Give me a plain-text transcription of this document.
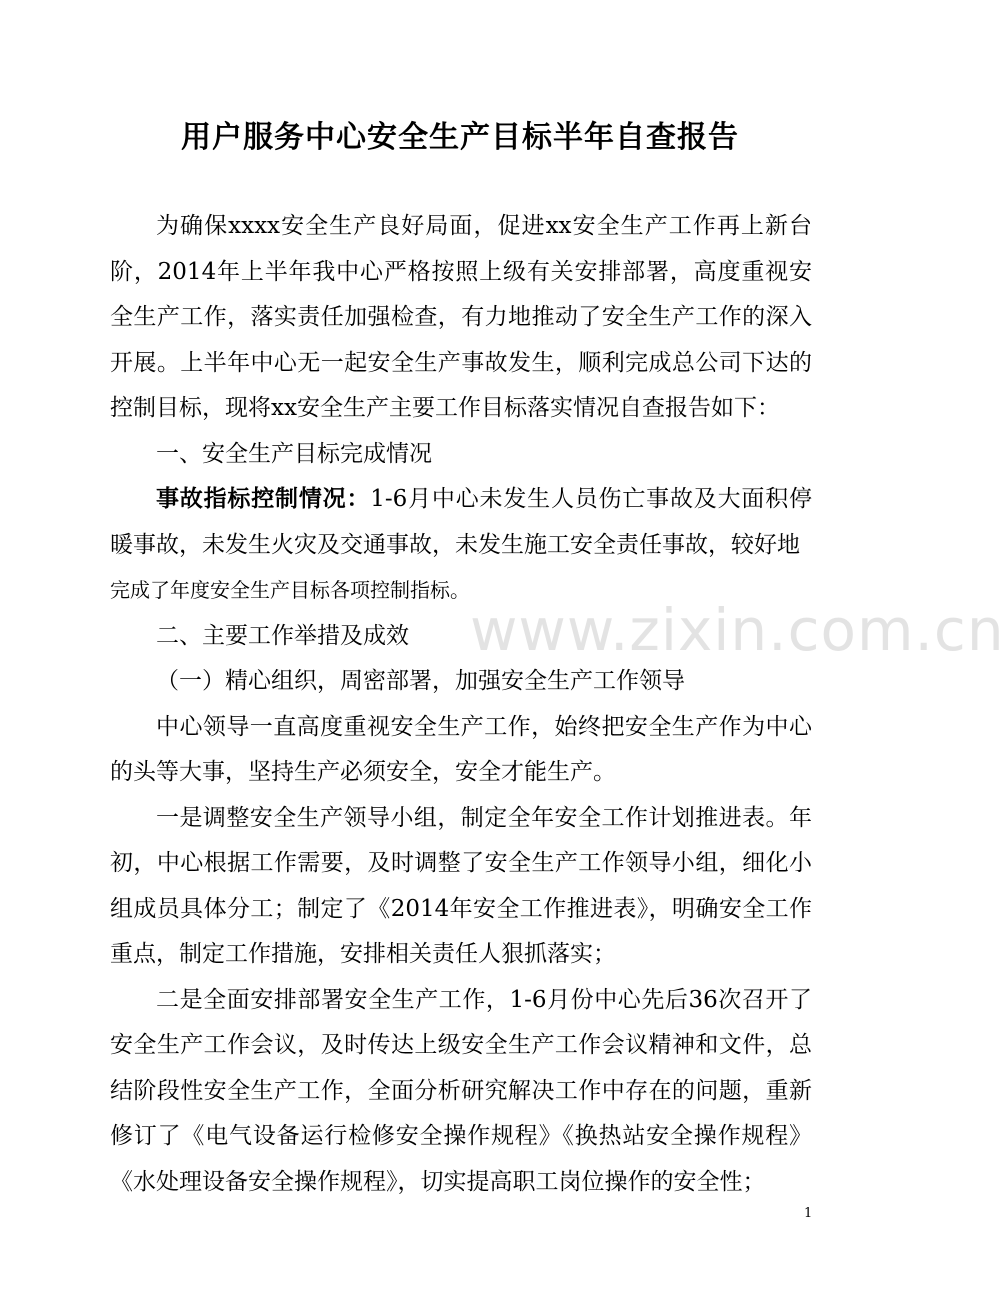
用户服务中心安全生产目标半年自查报告

为确保xxxx安全生产良好局面，促进xx安全生产工作再上新台阶，2014年上半年我中心严格按照上级有关安排部署，高度重视安全生产工作，落实责任加强检查，有力地推动了安全生产工作的深入开展。上半年中心无一起安全生产事故发生，顺利完成总公司下达的控制目标，现将xx安全生产主要工作目标落实情况自查报告如下：

一、安全生产目标完成情况

事故指标控制情况：1-6月中心未发生人员伤亡事故及大面积停暖事故，未发生火灾及交通事故，未发生施工安全责任事故，较好地
完成了年度安全生产目标各项控制指标。

二、主要工作举措及成效

（一）精心组织，周密部署，加强安全生产工作领导

中心领导一直高度重视安全生产工作，始终把安全生产作为中心的头等大事，坚持生产必须安全，安全才能生产。

一是调整安全生产领导小组，制定全年安全工作计划推进表。年初，中心根据工作需要，及时调整了安全生产工作领导小组，细化小组成员具体分工；制定了《2014年安全工作推进表》，明确安全工作重点，制定工作措施，安排相关责任人狠抓落实；

二是全面安排部署安全生产工作，1-6月份中心先后36次召开了安全生产工作会议，及时传达上级安全生产工作会议精神和文件，总结阶段性安全生产工作，全面分析研究解决工作中存在的问题，重新修订了《电气设备运行检修安全操作规程》《换热站安全操作规程》《水处理设备安全操作规程》，切实提高职工岗位操作的安全性；

www.zixin.com.cn
1
